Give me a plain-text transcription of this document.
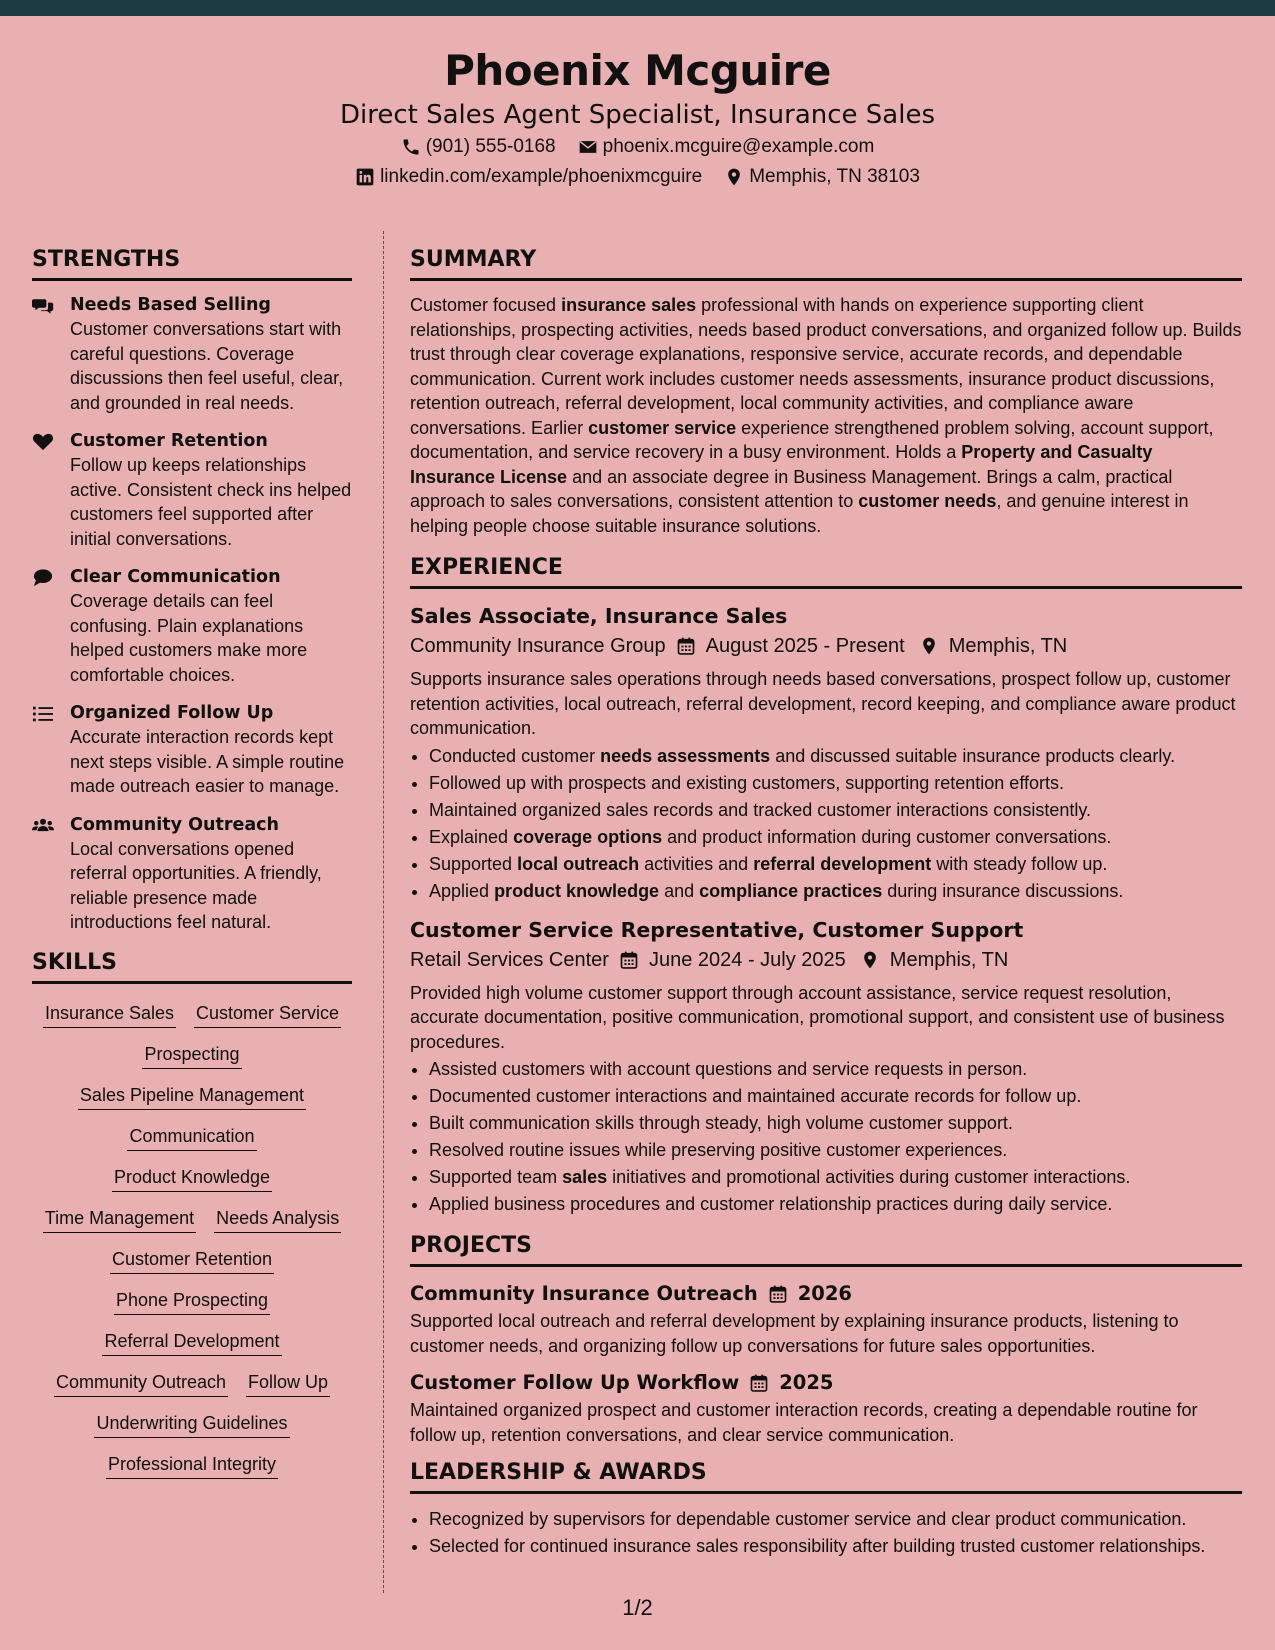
Phoenix Mcguire
Direct Sales Agent Specialist, Insurance Sales
(901) 555-0168 phoenix.mcguire@example.com
linkedin.com/example/phoenixmcguire Memphis, TN 38103
STRENGTHS
Needs Based Selling
Customer conversations start with careful questions. Coverage discussions then feel useful, clear, and grounded in real needs.
Customer Retention
Follow up keeps relationships active. Consistent check ins helped customers feel supported after initial conversations.
Clear Communication
Coverage details can feel confusing. Plain explanations helped customers make more comfortable choices.
Organized Follow Up
Accurate interaction records kept next steps visible. A simple routine made outreach easier to manage.
Community Outreach
Local conversations opened referral opportunities. A friendly, reliable presence made introductions feel natural.
SKILLS
Insurance Sales Customer Service
Prospecting
Sales Pipeline Management
Communication
Product Knowledge
Time Management Needs Analysis
Customer Retention
Phone Prospecting
Referral Development
Community Outreach Follow Up
Underwriting Guidelines
Professional Integrity
SUMMARY
Customer focused insurance sales professional with hands on experience supporting client relationships, prospecting activities, needs based product conversations, and organized follow up. Builds trust through clear coverage explanations, responsive service, accurate records, and dependable communication. Current work includes customer needs assessments, insurance product discussions, retention outreach, referral development, local community activities, and compliance aware conversations. Earlier customer service experience strengthened problem solving, account support, documentation, and service recovery in a busy environment. Holds a Property and Casualty Insurance License and an associate degree in Business Management. Brings a calm, practical approach to sales conversations, consistent attention to customer needs, and genuine interest in helping people choose suitable insurance solutions.
EXPERIENCE
Sales Associate, Insurance Sales
Community Insurance Group August 2025 - Present Memphis, TN
Supports insurance sales operations through needs based conversations, prospect follow up, customer retention activities, local outreach, referral development, record keeping, and compliance aware product communication.
• Conducted customer needs assessments and discussed suitable insurance products clearly.
• Followed up with prospects and existing customers, supporting retention efforts.
• Maintained organized sales records and tracked customer interactions consistently.
• Explained coverage options and product information during customer conversations.
• Supported local outreach activities and referral development with steady follow up.
• Applied product knowledge and compliance practices during insurance discussions.
Customer Service Representative, Customer Support
Retail Services Center June 2024 - July 2025 Memphis, TN
Provided high volume customer support through account assistance, service request resolution, accurate documentation, positive communication, promotional support, and consistent use of business procedures.
• Assisted customers with account questions and service requests in person.
• Documented customer interactions and maintained accurate records for follow up.
• Built communication skills through steady, high volume customer support.
• Resolved routine issues while preserving positive customer experiences.
• Supported team sales initiatives and promotional activities during customer interactions.
• Applied business procedures and customer relationship practices during daily service.
PROJECTS
Community Insurance Outreach 2026
Supported local outreach and referral development by explaining insurance products, listening to customer needs, and organizing follow up conversations for future sales opportunities.
Customer Follow Up Workflow 2025
Maintained organized prospect and customer interaction records, creating a dependable routine for follow up, retention conversations, and clear service communication.
LEADERSHIP & AWARDS
• Recognized by supervisors for dependable customer service and clear product communication.
• Selected for continued insurance sales responsibility after building trusted customer relationships.
1/2
